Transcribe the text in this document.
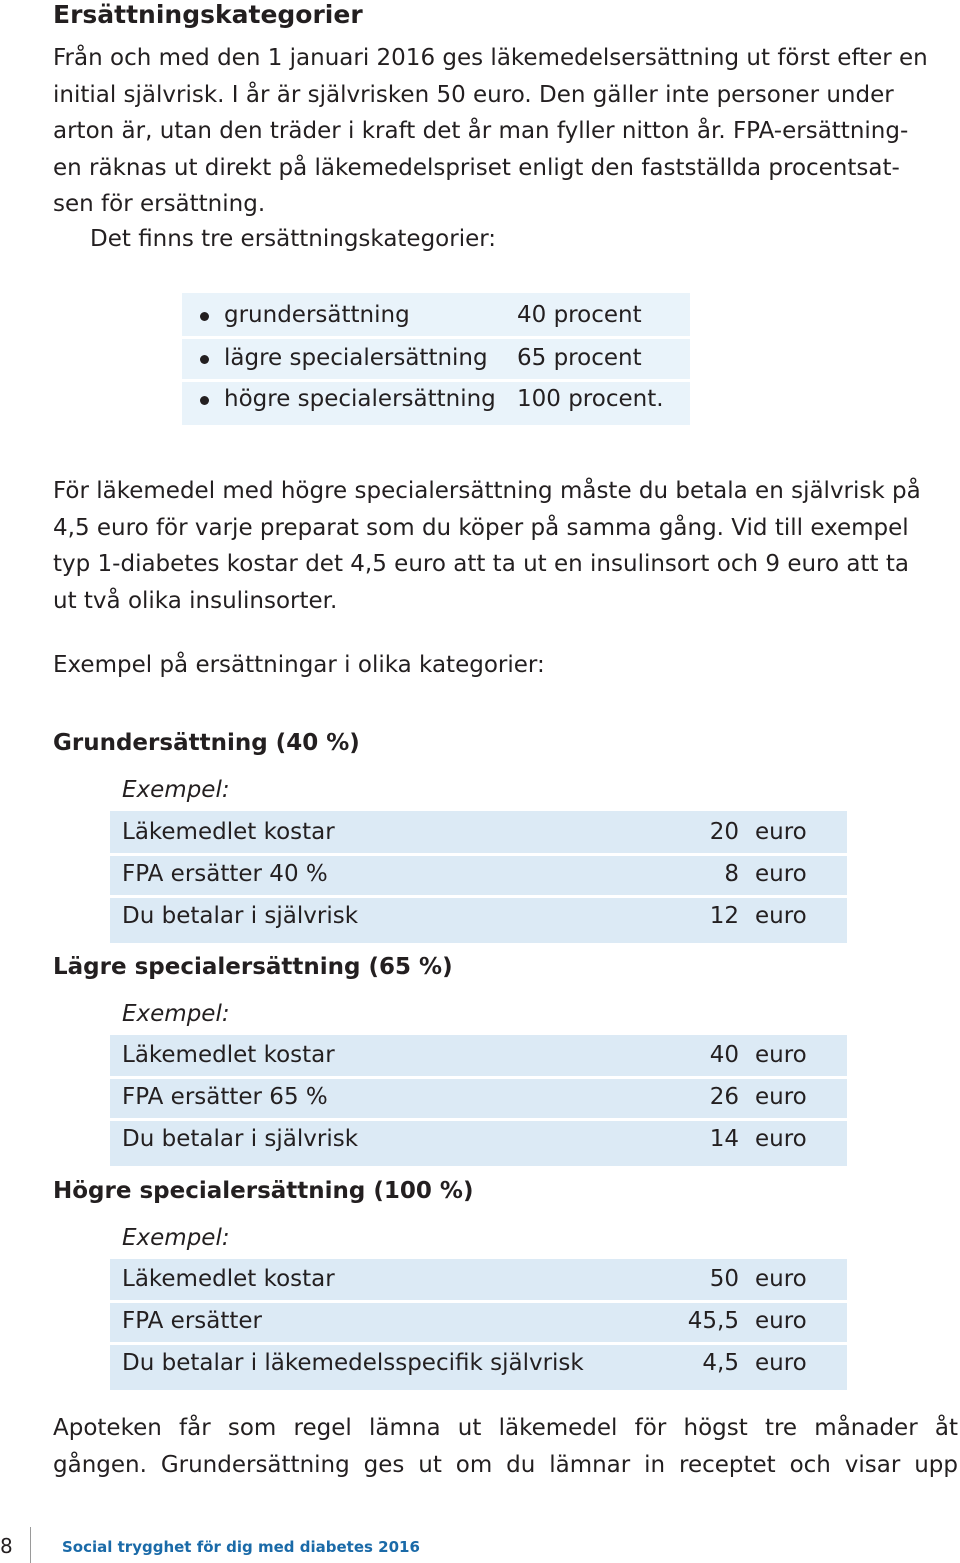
Ersättningskategorier
Från och med den 1 januari 2016 ges läkemedelsersättning ut först efter en
initial självrisk. I år är självrisken 50 euro. Den gäller inte personer under
arton är, utan den träder i kraft det år man fyller nitton år. FPA-ersättning-
en räknas ut direkt på läkemedelspriset enligt den fastställda procentsat-
sen för ersättning.
Det finns tre ersättningskategorier:
grundersättning	40 procent
lägre specialersättning 65 procent
högre specialersättning 100 procent.
För läkemedel med högre specialersättning måste du betala en självrisk på
4,5 euro för varje preparat som du köper på samma gång. Vid till exempel
typ 1-diabetes kostar det 4,5 euro att ta ut en insulinsort och 9 euro att ta
ut två olika insulinsorter.
Exempel på ersättningar i olika kategorier:
Grundersättning (40 %)
Exempel:
Läkemedlet kostar	20 euro
FPA ersätter 40 %	8 euro
Du betalar i självrisk	12 euro
Lägre specialersättning (65 %)
Exempel:
Läkemedlet kostar	40 euro
FPA ersätter 65 %	26 euro
Du betalar i självrisk	14 euro
Högre specialersättning (100 %)
Exempel:
Läkemedlet kostar	50 euro
FPA ersätter	45,5 euro
Du betalar i läkemedelsspecifik självrisk	4,5 euro
Apoteken får som regel lämna ut läkemedel för högst tre månader åt
gången. Grundersättning ges ut om du lämnar in receptet och visar upp
8	Social trygghet för dig med diabetes 2016
